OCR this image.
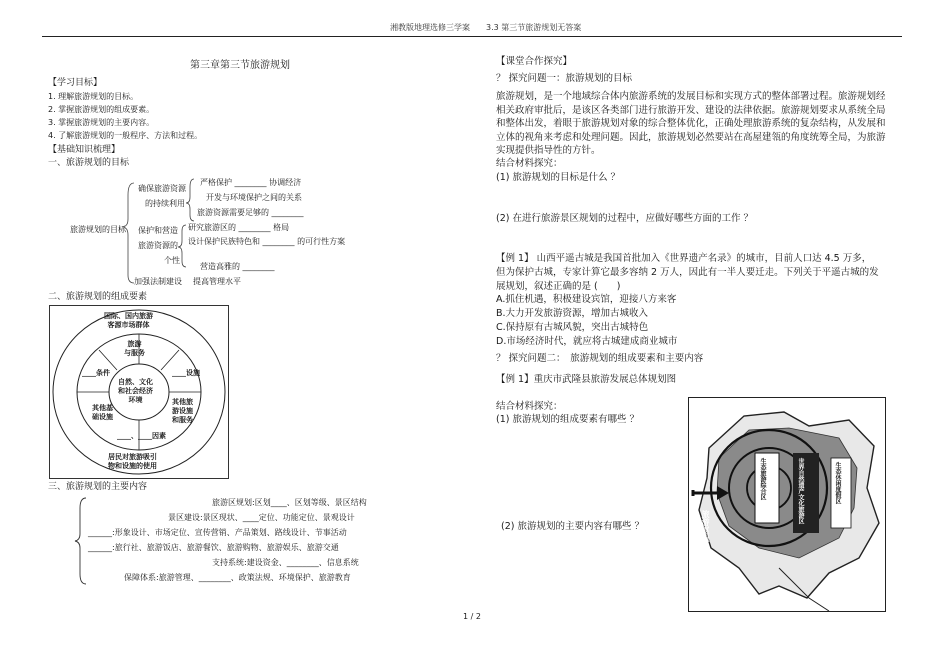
湘教版地理选修三学案　　3.3 第三节旅游规划无答案
第三章第三节旅游规划
【学习目标】
1. 理解旅游规划的目标。
2. 掌握旅游规划的组成要素。
3. 掌握旅游规划的主要内容。
4. 了解旅游规划的一般程序、方法和过程。
【基础知识梳理】
一、旅游规划的目标
旅游规划的目标
确保旅游资源
的持续利用
严格保护 ________ 协调经济
开发与环境保护之间的关系
旅游资源需要足够的 ________
保护和营造
旅游资源的
个性
研究旅游区的 ________ 格局
设计保护民族特色和 ________ 的可行性方案
营造高雅的 ________
加强法制建设 提高管理水平
二、旅游规划的组成要素
国际、国内旅游
客源市场群体
旅游
与服务
____条件	____设施
自然、文化
和社会经济
环境
其他基
础设施
其他旅
游设施
和服务
____、____因素
居民对旅游吸引
物和设施的使用
三、旅游规划的主要内容
旅游区规划:区划____、区划等级、景区结构
景区建设:景区现状、____定位、功能定位、景观设计
______:形象设计、市场定位、宣传营销、产品策划、路线设计、节事活动
______:旅行社、旅游饭店、旅游餐饮、旅游购物、旅游娱乐、旅游交通
支持系统:建设资金、________、信息系统
保障体系:旅游管理、________、政策法规、环境保护、旅游教育
【课堂合作探究】
？ 探究问题一：旅游规划的目标
旅游规划，是一个地域综合体内旅游系统的发展目标和实现方式的整体部署过程。旅游规划经相关政府审批后，是该区各类部门进行旅游开发、建设的法律依据。旅游规划要求从系统全局和整体出发，着眼于旅游规划对象的综合整体优化，正确处理旅游系统的复杂结构，从发展和立体的视角来考虑和处理问题。因此，旅游规划必然要站在高屋建瓴的角度统筹全局，为旅游实现提供指导性的方针。
结合材料探究：
(1) 旅游规划的目标是什么 ？
(2) 在进行旅游景区规划的过程中，应做好哪些方面的工作 ？
【例 1】 山西平遥古城是我国首批加入《世界遗产名录》的城市，目前人口达 4.5 万多，
但为保护古城，专家计算它最多容纳 2 万人，因此有一半人要迁走。下列关于平遥古城的发
展规划，叙述正确的是 (　　)
A.抓住机遇，积极建设宾馆，迎接八方来客
B.大力开发旅游资源，增加古城收入
C.保持原有古城风貌，突出古城特色
D.市场经济时代，就应将古城建成商业城市
？ 探究问题二：　旅游规划的组成要素和主要内容
【例 1】重庆市武隆县旅游发展总体规划图
结合材料探究：
(1) 旅游规划的组成要素有哪些 ？
(2) 旅游规划的主要内容有哪些 ？	旅游枢纽
生态旅游综合区	世界自然遗产文化旅游区	生态休闲度假区
1 / 2
